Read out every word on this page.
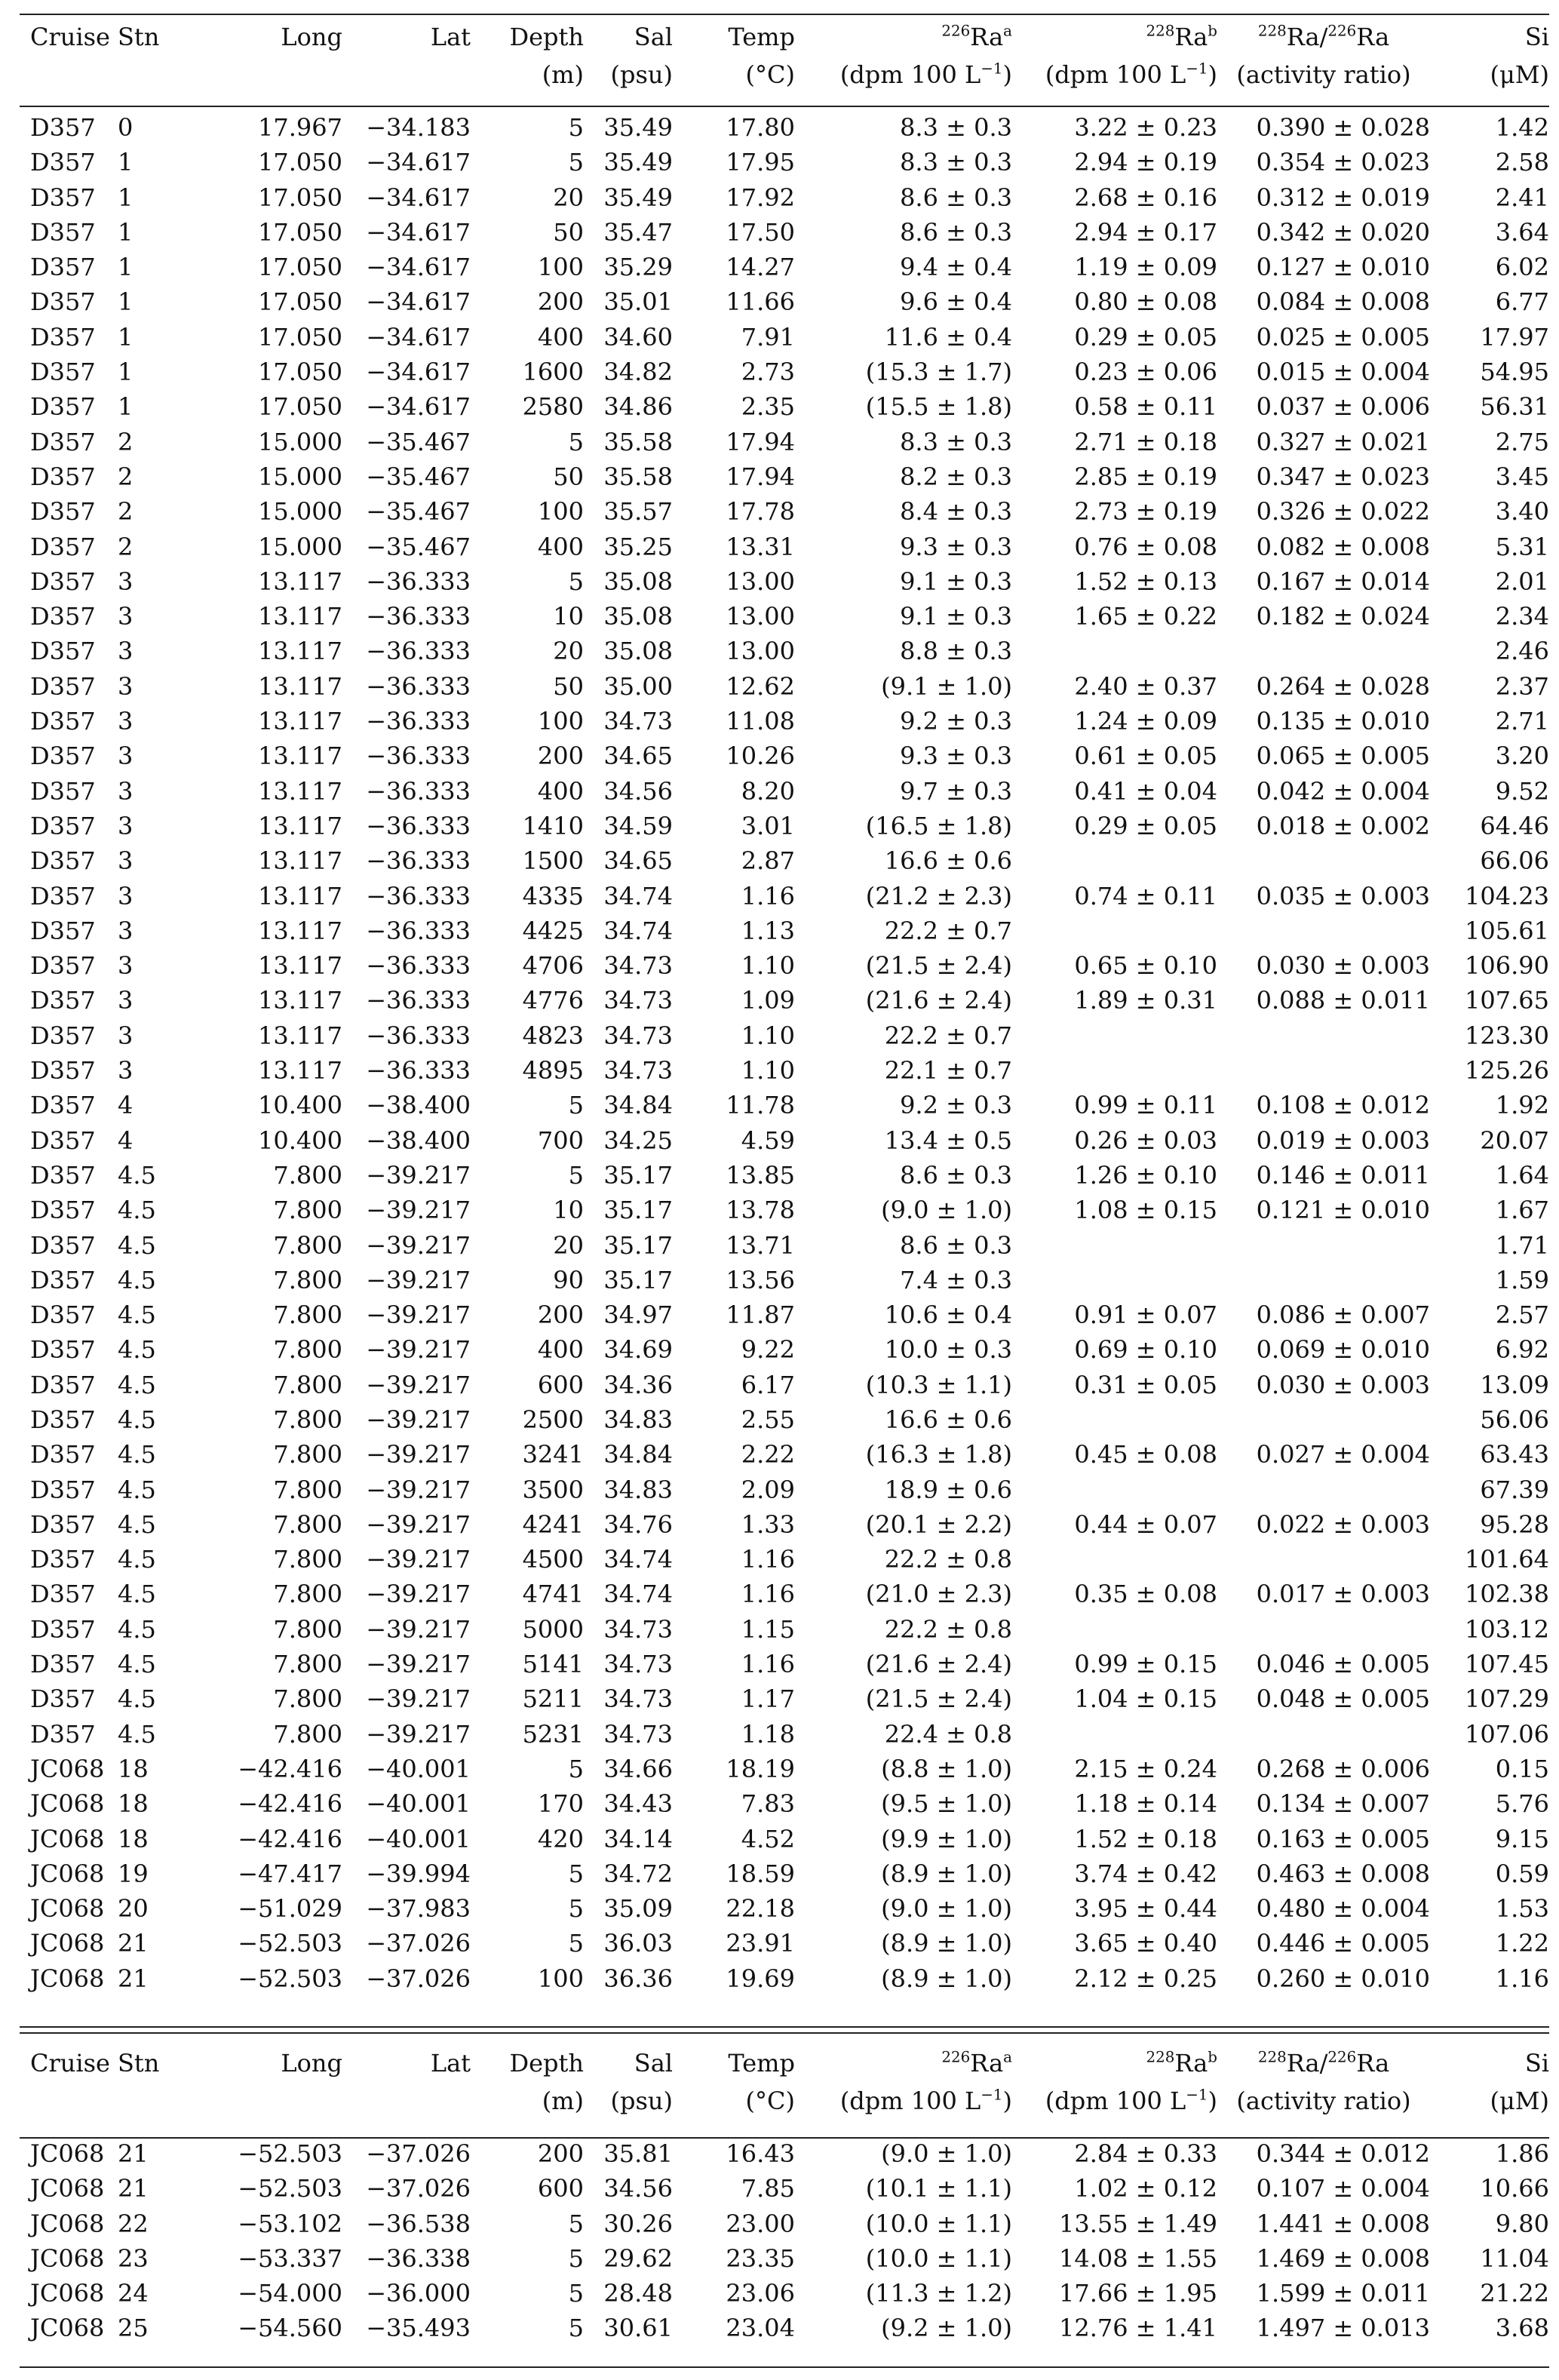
Cruise	Stn	Long	Lat	Depth	Sal	Temp	$^{226}$Ra$^a$	$^{228}$Ra$^b$	$^{228}$Ra/$^{226}$Ra	Si
				(m)	(psu)	(°C)	(dpm 100 $L^{-1}$)	(dpm 100 $L^{-1}$)	(activity ratio)	(μM)

D357	0	17.967	−34.183	5	35.49	17.80	8.3 ± 0.3	3.22 ± 0.23	0.390 ± 0.028	1.42
D357	1	17.050	−34.617	5	35.49	17.95	8.3 ± 0.3	2.94 ± 0.19	0.354 ± 0.023	2.58
D357	1	17.050	−34.617	20	35.49	17.92	8.6 ± 0.3	2.68 ± 0.16	0.312 ± 0.019	2.41
D357	1	17.050	−34.617	50	35.47	17.50	8.6 ± 0.3	2.94 ± 0.17	0.342 ± 0.020	3.64
D357	1	17.050	−34.617	100	35.29	14.27	9.4 ± 0.4	1.19 ± 0.09	0.127 ± 0.010	6.02
D357	1	17.050	−34.617	200	35.01	11.66	9.6 ± 0.4	0.80 ± 0.08	0.084 ± 0.008	6.77
D357	1	17.050	−34.617	400	34.60	7.91	11.6 ± 0.4	0.29 ± 0.05	0.025 ± 0.005	17.97
D357	1	17.050	−34.617	1600	34.82	2.73	(15.3 ± 1.7)	0.23 ± 0.06	0.015 ± 0.004	54.95
D357	1	17.050	−34.617	2580	34.86	2.35	(15.5 ± 1.8)	0.58 ± 0.11	0.037 ± 0.006	56.31
D357	2	15.000	−35.467	5	35.58	17.94	8.3 ± 0.3	2.71 ± 0.18	0.327 ± 0.021	2.75
D357	2	15.000	−35.467	50	35.58	17.94	8.2 ± 0.3	2.85 ± 0.19	0.347 ± 0.023	3.45
D357	2	15.000	−35.467	100	35.57	17.78	8.4 ± 0.3	2.73 ± 0.19	0.326 ± 0.022	3.40
D357	2	15.000	−35.467	400	35.25	13.31	9.3 ± 0.3	0.76 ± 0.08	0.082 ± 0.008	5.31
D357	3	13.117	−36.333	5	35.08	13.00	9.1 ± 0.3	1.52 ± 0.13	0.167 ± 0.014	2.01
D357	3	13.117	−36.333	10	35.08	13.00	9.1 ± 0.3	1.65 ± 0.22	0.182 ± 0.024	2.34
D357	3	13.117	−36.333	20	35.08	13.00	8.8 ± 0.3			2.46
D357	3	13.117	−36.333	50	35.00	12.62	(9.1 ± 1.0)	2.40 ± 0.37	0.264 ± 0.028	2.37
D357	3	13.117	−36.333	100	34.73	11.08	9.2 ± 0.3	1.24 ± 0.09	0.135 ± 0.010	2.71
D357	3	13.117	−36.333	200	34.65	10.26	9.3 ± 0.3	0.61 ± 0.05	0.065 ± 0.005	3.20
D357	3	13.117	−36.333	400	34.56	8.20	9.7 ± 0.3	0.41 ± 0.04	0.042 ± 0.004	9.52
D357	3	13.117	−36.333	1410	34.59	3.01	(16.5 ± 1.8)	0.29 ± 0.05	0.018 ± 0.002	64.46
D357	3	13.117	−36.333	1500	34.65	2.87	16.6 ± 0.6			66.06
D357	3	13.117	−36.333	4335	34.74	1.16	(21.2 ± 2.3)	0.74 ± 0.11	0.035 ± 0.003	104.23
D357	3	13.117	−36.333	4425	34.74	1.13	22.2 ± 0.7			105.61
D357	3	13.117	−36.333	4706	34.73	1.10	(21.5 ± 2.4)	0.65 ± 0.10	0.030 ± 0.003	106.90
D357	3	13.117	−36.333	4776	34.73	1.09	(21.6 ± 2.4)	1.89 ± 0.31	0.088 ± 0.011	107.65
D357	3	13.117	−36.333	4823	34.73	1.10	22.2 ± 0.7			123.30
D357	3	13.117	−36.333	4895	34.73	1.10	22.1 ± 0.7			125.26
D357	4	10.400	−38.400	5	34.84	11.78	9.2 ± 0.3	0.99 ± 0.11	0.108 ± 0.012	1.92
D357	4	10.400	−38.400	700	34.25	4.59	13.4 ± 0.5	0.26 ± 0.03	0.019 ± 0.003	20.07
D357	4.5	7.800	−39.217	5	35.17	13.85	8.6 ± 0.3	1.26 ± 0.10	0.146 ± 0.011	1.64
D357	4.5	7.800	−39.217	10	35.17	13.78	(9.0 ± 1.0)	1.08 ± 0.15	0.121 ± 0.010	1.67
D357	4.5	7.800	−39.217	20	35.17	13.71	8.6 ± 0.3			1.71
D357	4.5	7.800	−39.217	90	35.17	13.56	7.4 ± 0.3			1.59
D357	4.5	7.800	−39.217	200	34.97	11.87	10.6 ± 0.4	0.91 ± 0.07	0.086 ± 0.007	2.57
D357	4.5	7.800	−39.217	400	34.69	9.22	10.0 ± 0.3	0.69 ± 0.10	0.069 ± 0.010	6.92
D357	4.5	7.800	−39.217	600	34.36	6.17	(10.3 ± 1.1)	0.31 ± 0.05	0.030 ± 0.003	13.09
D357	4.5	7.800	−39.217	2500	34.83	2.55	16.6 ± 0.6			56.06
D357	4.5	7.800	−39.217	3241	34.84	2.22	(16.3 ± 1.8)	0.45 ± 0.08	0.027 ± 0.004	63.43
D357	4.5	7.800	−39.217	3500	34.83	2.09	18.9 ± 0.6			67.39
D357	4.5	7.800	−39.217	4241	34.76	1.33	(20.1 ± 2.2)	0.44 ± 0.07	0.022 ± 0.003	95.28
D357	4.5	7.800	−39.217	4500	34.74	1.16	22.2 ± 0.8			101.64
D357	4.5	7.800	−39.217	4741	34.74	1.16	(21.0 ± 2.3)	0.35 ± 0.08	0.017 ± 0.003	102.38
D357	4.5	7.800	−39.217	5000	34.73	1.15	22.2 ± 0.8			103.12
D357	4.5	7.800	−39.217	5141	34.73	1.16	(21.6 ± 2.4)	0.99 ± 0.15	0.046 ± 0.005	107.45
D357	4.5	7.800	−39.217	5211	34.73	1.17	(21.5 ± 2.4)	1.04 ± 0.15	0.048 ± 0.005	107.29
D357	4.5	7.800	−39.217	5231	34.73	1.18	22.4 ± 0.8			107.06
JC068	18	−42.416	−40.001	5	34.66	18.19	(8.8 ± 1.0)	2.15 ± 0.24	0.268 ± 0.006	0.15
JC068	18	−42.416	−40.001	170	34.43	7.83	(9.5 ± 1.0)	1.18 ± 0.14	0.134 ± 0.007	5.76
JC068	18	−42.416	−40.001	420	34.14	4.52	(9.9 ± 1.0)	1.52 ± 0.18	0.163 ± 0.005	9.15
JC068	19	−47.417	−39.994	5	34.72	18.59	(8.9 ± 1.0)	3.74 ± 0.42	0.463 ± 0.008	0.59
JC068	20	−51.029	−37.983	5	35.09	22.18	(9.0 ± 1.0)	3.95 ± 0.44	0.480 ± 0.004	1.53
JC068	21	−52.503	−37.026	5	36.03	23.91	(8.9 ± 1.0)	3.65 ± 0.40	0.446 ± 0.005	1.22
JC068	21	−52.503	−37.026	100	36.36	19.69	(8.9 ± 1.0)	2.12 ± 0.25	0.260 ± 0.010	1.16
Cruise	Stn	Long	Lat	Depth	Sal	Temp	$^{226}$Ra$^a$	$^{228}$Ra$^b$	$^{228}$Ra/$^{226}$Ra	Si
				(m)	(psu)	(°C)	(dpm 100 $L^{-1}$)	(dpm 100 $L^{-1}$)	(activity ratio)	(μM)

JC068	21	−52.503	−37.026	200	35.81	16.43	(9.0 ± 1.0)	2.84 ± 0.33	0.344 ± 0.012	1.86
JC068	21	−52.503	−37.026	600	34.56	7.85	(10.1 ± 1.1)	1.02 ± 0.12	0.107 ± 0.004	10.66
JC068	22	−53.102	−36.538	5	30.26	23.00	(10.0 ± 1.1)	13.55 ± 1.49	1.441 ± 0.008	9.80
JC068	23	−53.337	−36.338	5	29.62	23.35	(10.0 ± 1.1)	14.08 ± 1.55	1.469 ± 0.008	11.04
JC068	24	−54.000	−36.000	5	28.48	23.06	(11.3 ± 1.2)	17.66 ± 1.95	1.599 ± 0.011	21.22
JC068	25	−54.560	−35.493	5	30.61	23.04	(9.2 ± 1.0)	12.76 ± 1.41	1.497 ± 0.013	3.68
